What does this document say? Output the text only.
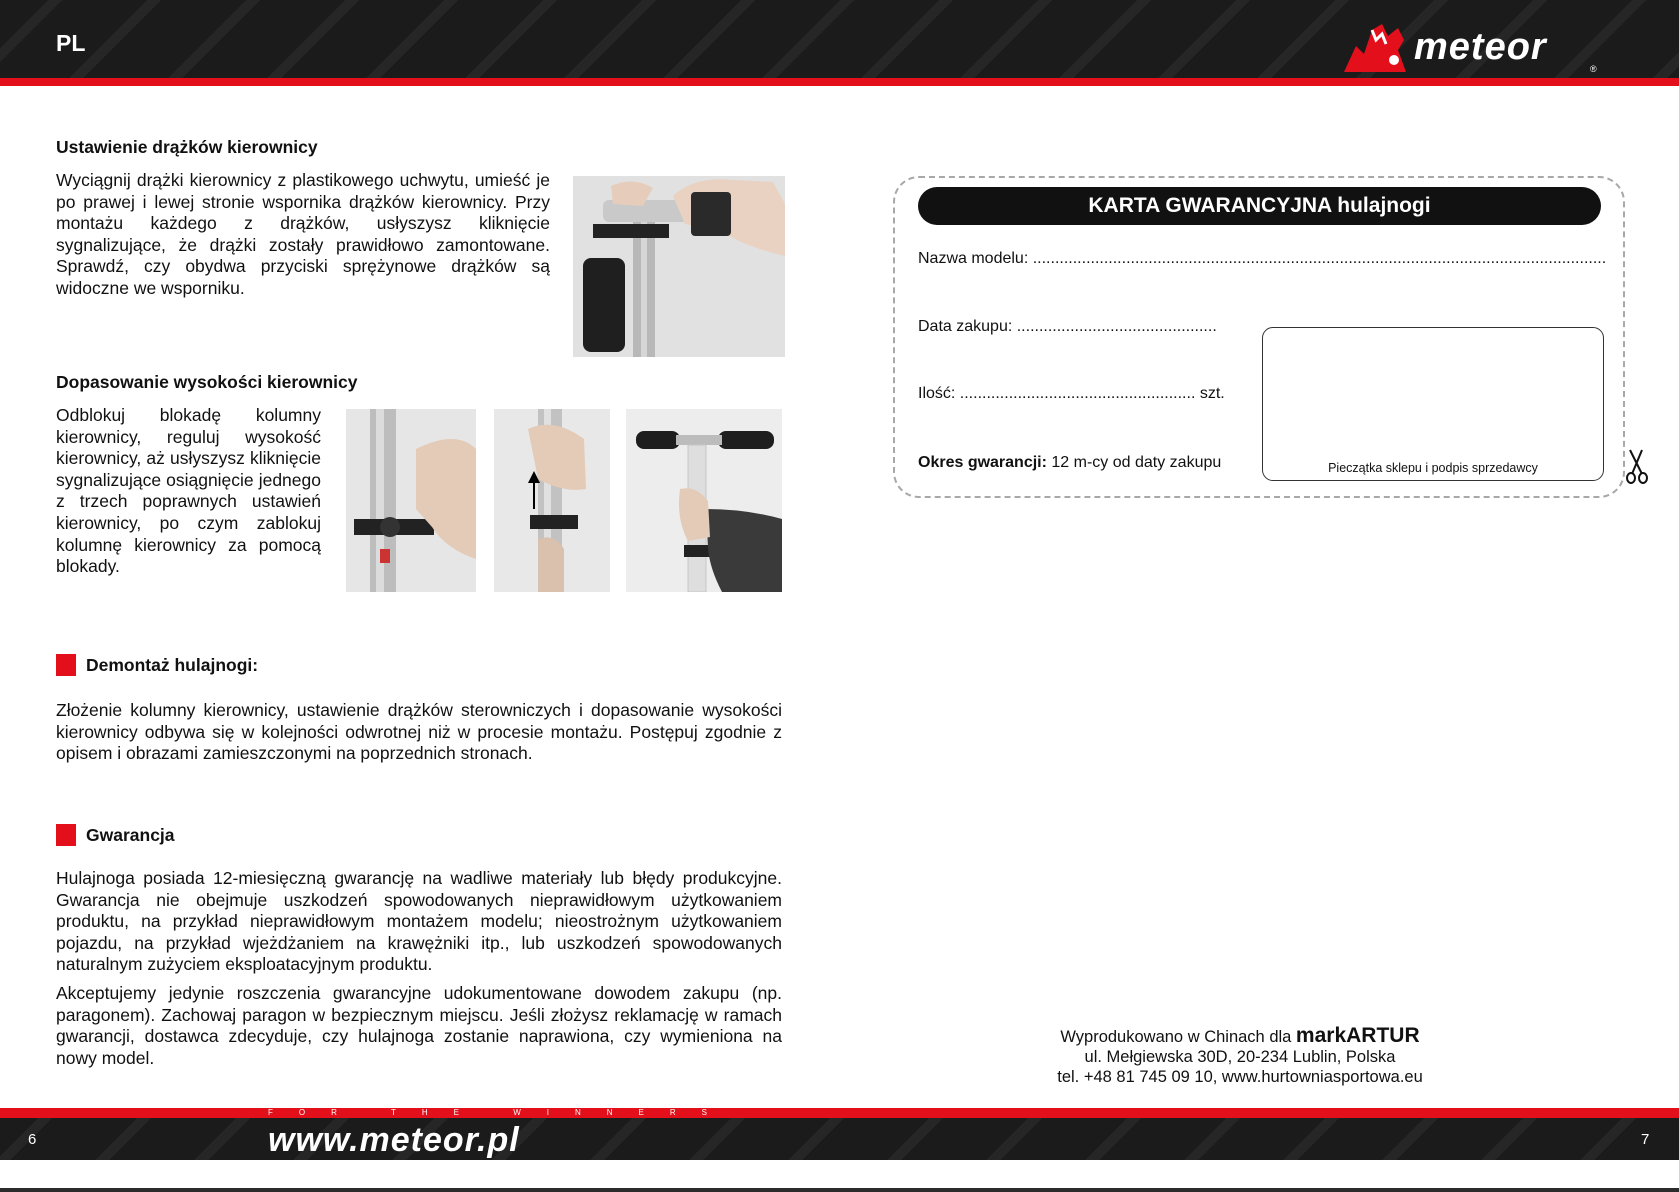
PL	meteor
®
Ustawienie drążków kierownicy

Wyciągnij drążki kierownicy z plastikowego uchwytu, umieść je po prawej i lewej stronie wspornika drążków kierownicy. Przy montażu każdego z drążków, usłyszysz kliknięcie sygnalizujące, że drążki zostały prawidłowo zamontowane. Sprawdź, czy obydwa przyciski sprężynowe drążków są widoczne we wsporniku.

Dopasowanie wysokości kierownicy

Odblokuj blokadę kolumny kierownicy, reguluj wysokość kierownicy, aż usłyszysz kliknięcie sygnalizujące osiągnięcie jednego z trzech poprawnych ustawień kierownicy, po czym zablokuj kolumnę kierownicy za pomocą blokady.

Demontaż hulajnogi:

Złożenie kolumny kierownicy, ustawienie drążków sterowniczych i dopasowanie wysokości kierownicy odbywa się w kolejności odwrotnej niż w procesie montażu. Postępuj zgodnie z opisem i obrazami zamieszczonymi na poprzednich stronach.

Gwarancja

Hulajnoga posiada 12-miesięczną gwarancję na wadliwe materiały lub błędy produkcyjne. Gwarancja nie obejmuje uszkodzeń spowodowanych nieprawidłowym użytkowaniem produktu, na przykład nieprawidłowym montażem modelu; nieostrożnym użytkowaniem pojazdu, na przykład wjeżdżaniem na krawężniki itp., lub uszkodzeń spowodowanych naturalnym zużyciem eksploatacyjnym produktu.

Akceptujemy jedynie roszczenia gwarancyjne udokumentowane dowodem zakupu (np. paragonem). Zachowaj paragon w bezpiecznym miejscu. Jeśli złożysz reklamację w ramach gwarancji, dostawca zdecyduje, czy hulajnoga zostanie naprawiona, czy wymieniona na nowy model.

KARTA GWARANCYJNA hulajnogi
Nazwa modelu: .................................................................................................................................
Data zakupu: .............................................
Ilość: ..................................................... szt.
Okres gwarancji: 12 m-cy od daty zakupu	Pieczątka sklepu i podpis sprzedawcy
Wyprodukowano w Chinach dla markARTUR
ul. Mełgiewska 30D, 20-234 Lublin, Polska
tel. +48 81 745 09 10, www.hurtowniasportowa.eu
FOR THE WINNERS
www.meteor.pl
6	7
